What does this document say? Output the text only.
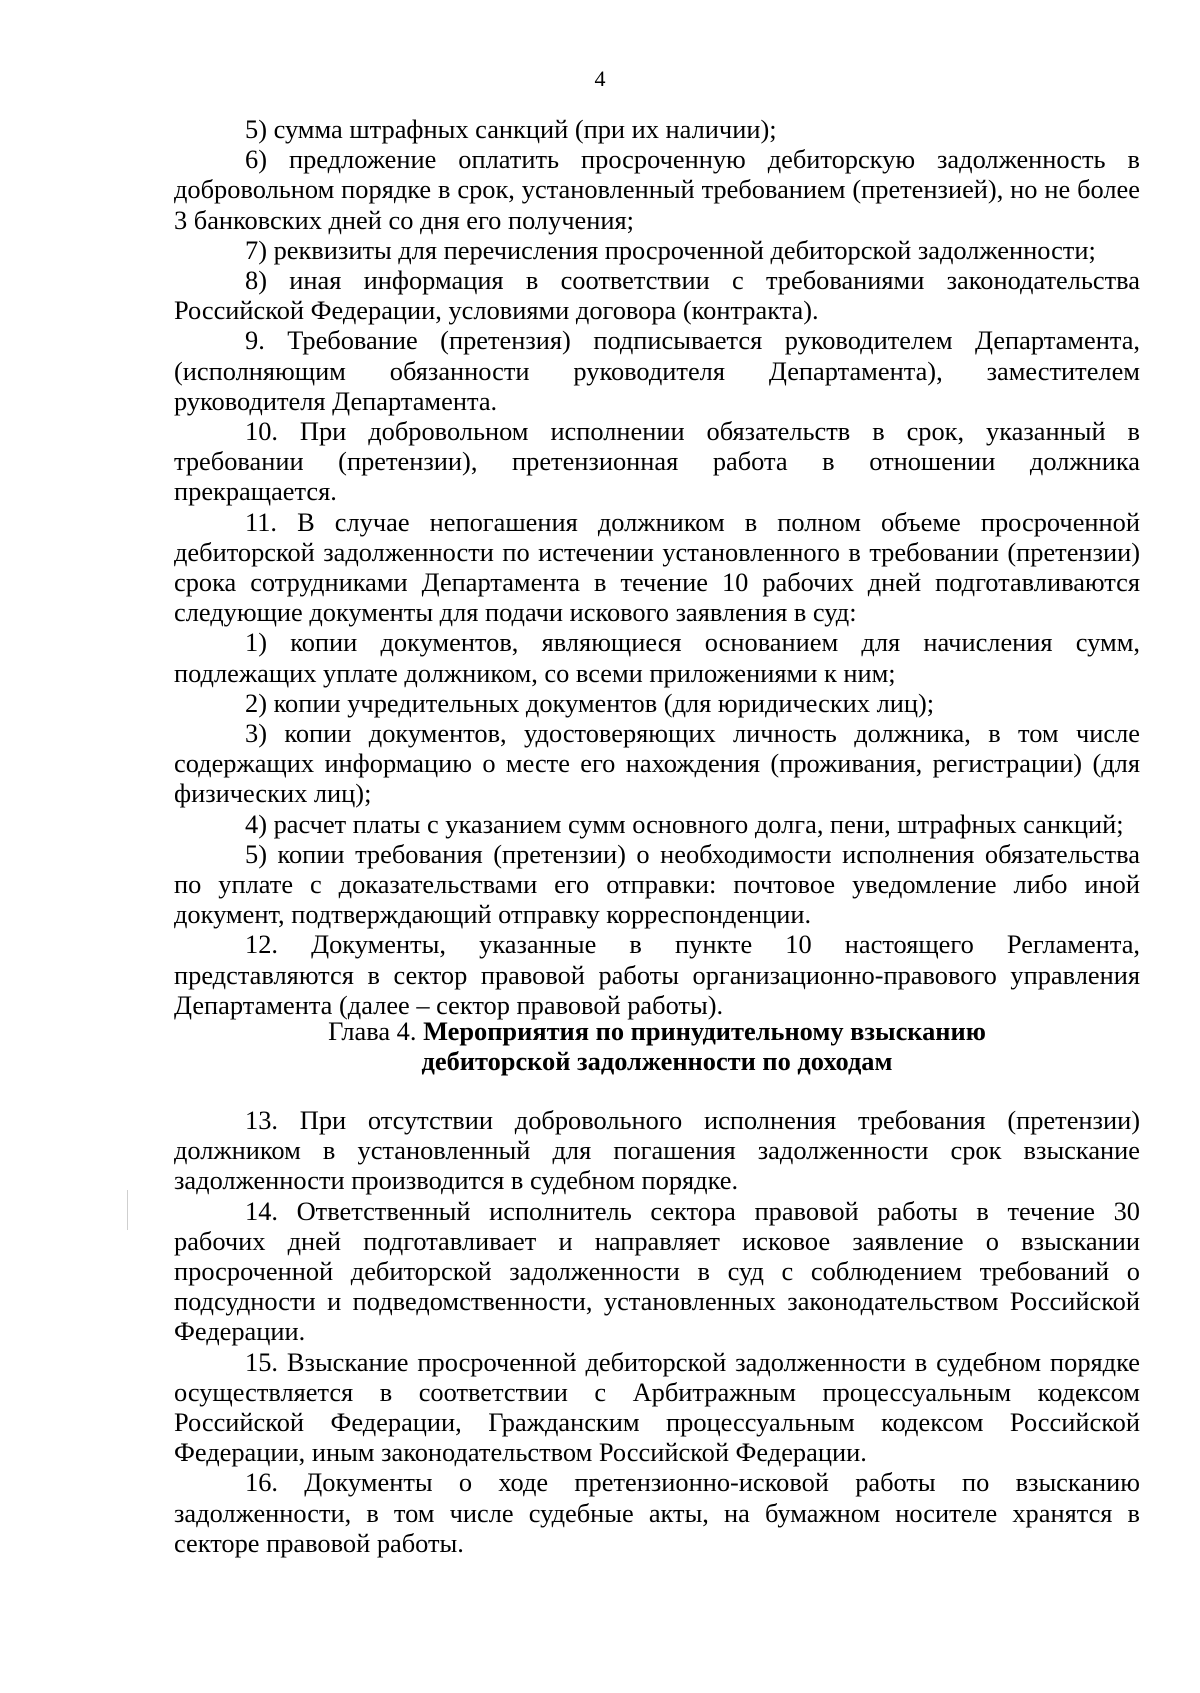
4

5) сумма штрафных санкций (при их наличии);

6) предложение оплатить просроченную дебиторскую задолженность в добровольном порядке в срок, установленный требованием (претензией), но не более 3 банковских дней со дня его получения;

7) реквизиты для перечисления просроченной дебиторской задолженности;

8) иная информация в соответствии с требованиями законодательства Российской Федерации, условиями договора (контракта).

9. Требование (претензия) подписывается руководителем Департамента, (исполняющим обязанности руководителя Департамента), заместителем руководителя Департамента.

10. При добровольном исполнении обязательств в срок, указанный в требовании (претензии), претензионная работа в отношении должника прекращается.

11. В случае непогашения должником в полном объеме просроченной дебиторской задолженности по истечении установленного в требовании (претензии) срока сотрудниками Департамента в течение 10 рабочих дней подготавливаются следующие документы для подачи искового заявления в суд:

1) копии документов, являющиеся основанием для начисления сумм, подлежащих уплате должником, со всеми приложениями к ним;

2) копии учредительных документов (для юридических лиц);

3) копии документов, удостоверяющих личность должника, в том числе содержащих информацию о месте его нахождения (проживания, регистрации) (для физических лиц);

4) расчет платы с указанием сумм основного долга, пени, штрафных санкций;

5) копии требования (претензии) о необходимости исполнения обязательства по уплате с доказательствами его отправки: почтовое уведомление либо иной документ, подтверждающий отправку корреспонденции.

12. Документы, указанные в пункте 10 настоящего Регламента, представляются в сектор правовой работы организационно-правового управления Департамента (далее – сектор правовой работы).

Глава 4. Мероприятия по принудительному взысканию
дебиторской задолженности по доходам

13. При отсутствии добровольного исполнения требования (претензии) должником в установленный для погашения задолженности срок взыскание задолженности производится в судебном порядке.

14. Ответственный исполнитель сектора правовой работы в течение 30 рабочих дней подготавливает и направляет исковое заявление о взыскании просроченной дебиторской задолженности в суд с соблюдением требований о подсудности и подведомственности, установленных законодательством Российской Федерации.

15. Взыскание просроченной дебиторской задолженности в судебном порядке осуществляется в соответствии с Арбитражным процессуальным кодексом Российской Федерации, Гражданским процессуальным кодексом Российской Федерации, иным законодательством Российской Федерации.

16. Документы о ходе претензионно-исковой работы по взысканию задолженности, в том числе судебные акты, на бумажном носителе хранятся в секторе правовой работы.
